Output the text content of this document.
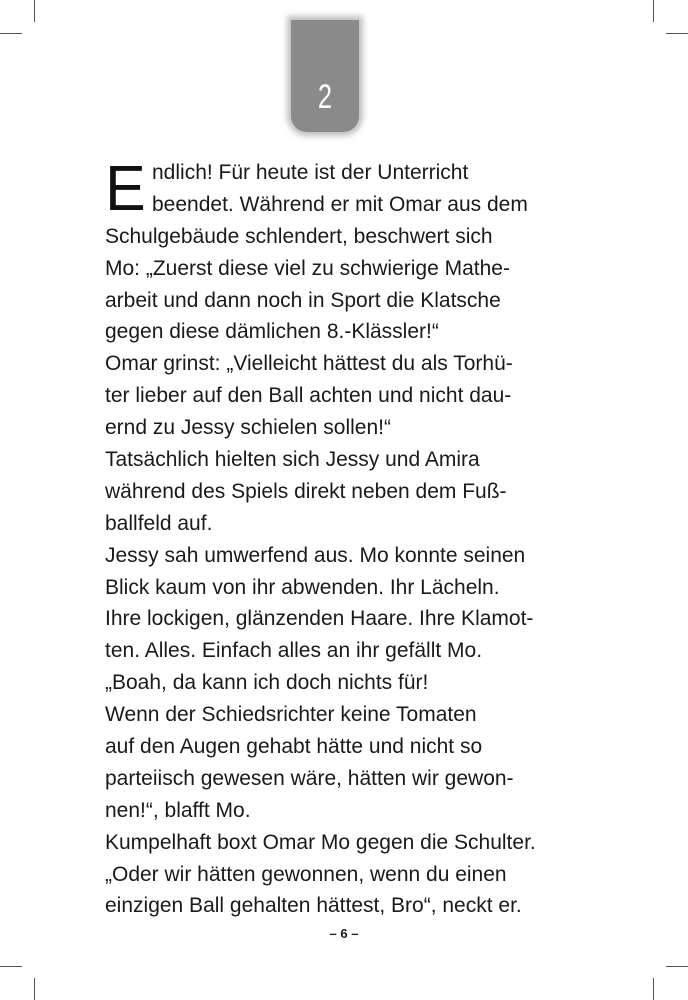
2
E ndlich! Für heute ist der Unterricht
beendet. Während er mit Omar aus dem
Schulgebäude schlendert, beschwert sich
Mo: „Zuerst diese viel zu schwierige Mathe-
arbeit und dann noch in Sport die Klatsche
gegen diese dämlichen 8.-Klässler!“
Omar grinst: „Vielleicht hättest du als Torhü-
ter lieber auf den Ball achten und nicht dau-
ernd zu Jessy schielen sollen!“
Tatsächlich hielten sich Jessy und Amira
während des Spiels direkt neben dem Fuß-
ballfeld auf.
Jessy sah umwerfend aus. Mo konnte seinen
Blick kaum von ihr abwenden. Ihr Lächeln.
Ihre lockigen, glänzenden Haare. Ihre Klamot-
ten. Alles. Einfach alles an ihr gefällt Mo.
„Boah, da kann ich doch nichts für!
Wenn der Schiedsrichter keine Tomaten
auf den Augen gehabt hätte und nicht so
parteiisch gewesen wäre, hätten wir gewon-
nen!“, blafft Mo.
Kumpelhaft boxt Omar Mo gegen die Schulter.
„Oder wir hätten gewonnen, wenn du einen
einzigen Ball gehalten hättest, Bro“, neckt er.
– 6 –
